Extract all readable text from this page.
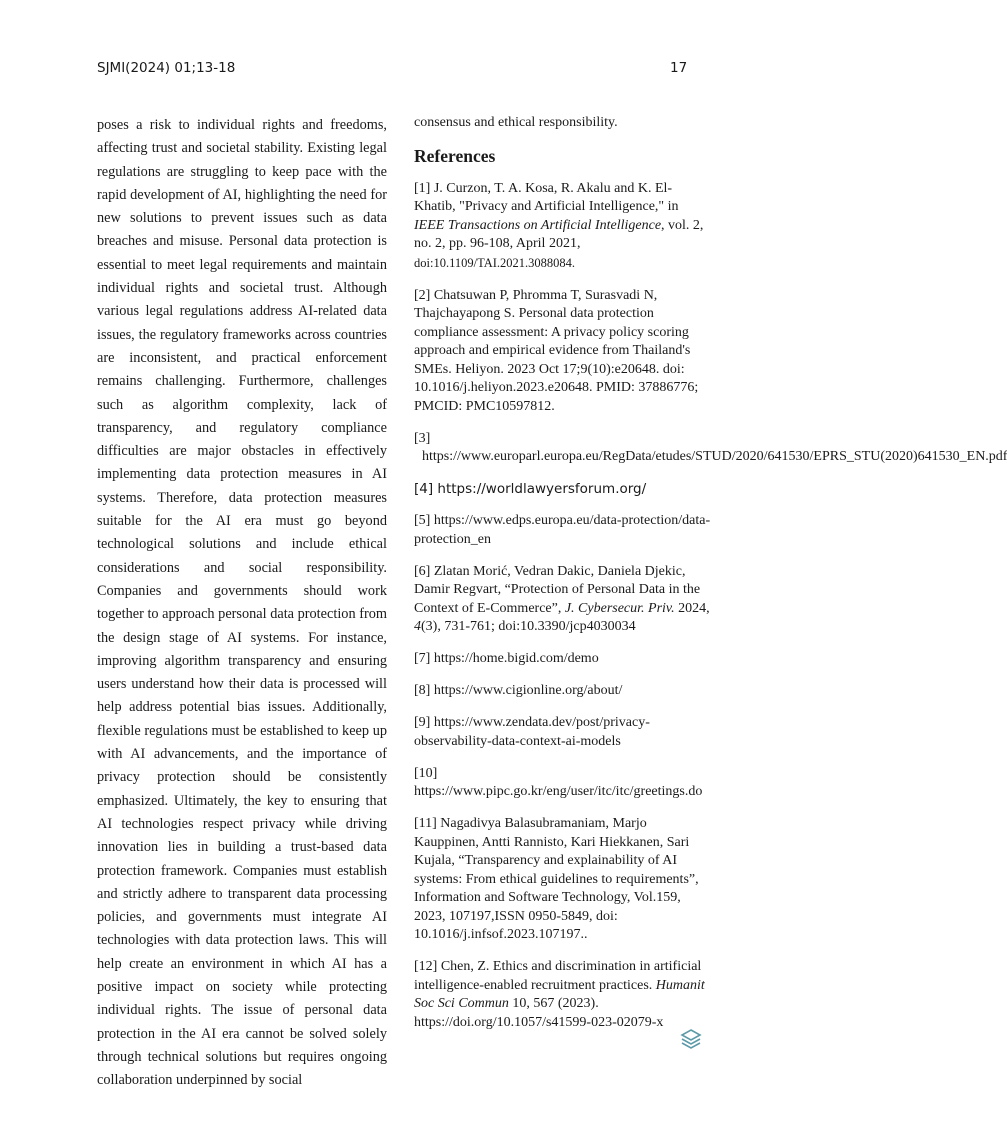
SJMI(2024) 01;13-18	17

poses a risk to individual rights and freedoms, affecting trust and societal stability. Existing legal regulations are struggling to keep pace with the rapid development of AI, highlighting the need for new solutions to prevent issues such as data breaches and misuse. Personal data protection is essential to meet legal requirements and maintain individual rights and societal trust. Although various legal regulations address AI-related data issues, the regulatory frameworks across countries are inconsistent, and practical enforcement remains challenging. Furthermore, challenges such as algorithm complexity, lack of transparency, and regulatory compliance difficulties are major obstacles in effectively implementing data protection measures in AI systems. Therefore, data protection measures suitable for the AI era must go beyond technological solutions and include ethical considerations and social responsibility. Companies and governments should work together to approach personal data protection from the design stage of AI systems. For instance, improving algorithm transparency and ensuring users understand how their data is processed will help address potential bias issues. Additionally, flexible regulations must be established to keep up with AI advancements, and the importance of privacy protection should be consistently emphasized. Ultimately, the key to ensuring that AI technologies respect privacy while driving innovation lies in building a trust-based data protection framework. Companies must establish and strictly adhere to transparent data processing policies, and governments must integrate AI technologies with data protection laws. This will help create an environment in which AI has a positive impact on society while protecting individual rights. The issue of personal data protection in the AI era cannot be solved solely through technical solutions but requires ongoing collaboration underpinned by social

consensus and ethical responsibility.

References

[1] J. Curzon, T. A. Kosa, R. Akalu and K. El-Khatib, "Privacy and Artificial Intelligence," in IEEE Transactions on Artificial Intelligence, vol. 2, no. 2, pp. 96-108, April 2021, doi:10.1109/TAI.2021.3088084.

[2] Chatsuwan P, Phromma T, Surasvadi N, Thajchayapong S. Personal data protection compliance assessment: A privacy policy scoring approach and empirical evidence from Thailand's SMEs. Heliyon. 2023 Oct 17;9(10):e20648. doi: 10.1016/j.heliyon.2023.e20648. PMID: 37886776; PMCID: PMC10597812.

[3] https://www.europarl.europa.eu/RegData/etudes/STUD/2020/641530/EPRS_STU(2020)641530_EN.pdf

[4] https://worldlawyersforum.org/

[5] https://www.edps.europa.eu/data-protection/data-protection_en

[6] Zlatan Morić, Vedran Dakic, Daniela Djekic, Damir Regvart, “Protection of Personal Data in the Context of E-Commerce”, J. Cybersecur. Priv. 2024, 4(3), 731-761; doi:10.3390/jcp4030034

[7] https://home.bigid.com/demo

[8] https://www.cigionline.org/about/

[9] https://www.zendata.dev/post/privacy-observability-data-context-ai-models

[10] https://www.pipc.go.kr/eng/user/itc/itc/greetings.do

[11] Nagadivya Balasubramaniam, Marjo Kauppinen, Antti Rannisto, Kari Hiekkanen, Sari Kujala, “Transparency and explainability of AI systems: From ethical guidelines to requirements”, Information and Software Technology, Vol.159, 2023, 107197,ISSN 0950-5849, doi: 10.1016/j.infsof.2023.107197..

[12] Chen, Z. Ethics and discrimination in artificial intelligence-enabled recruitment practices. Humanit Soc Sci Commun 10, 567 (2023). https://doi.org/10.1057/s41599-023-02079-x
